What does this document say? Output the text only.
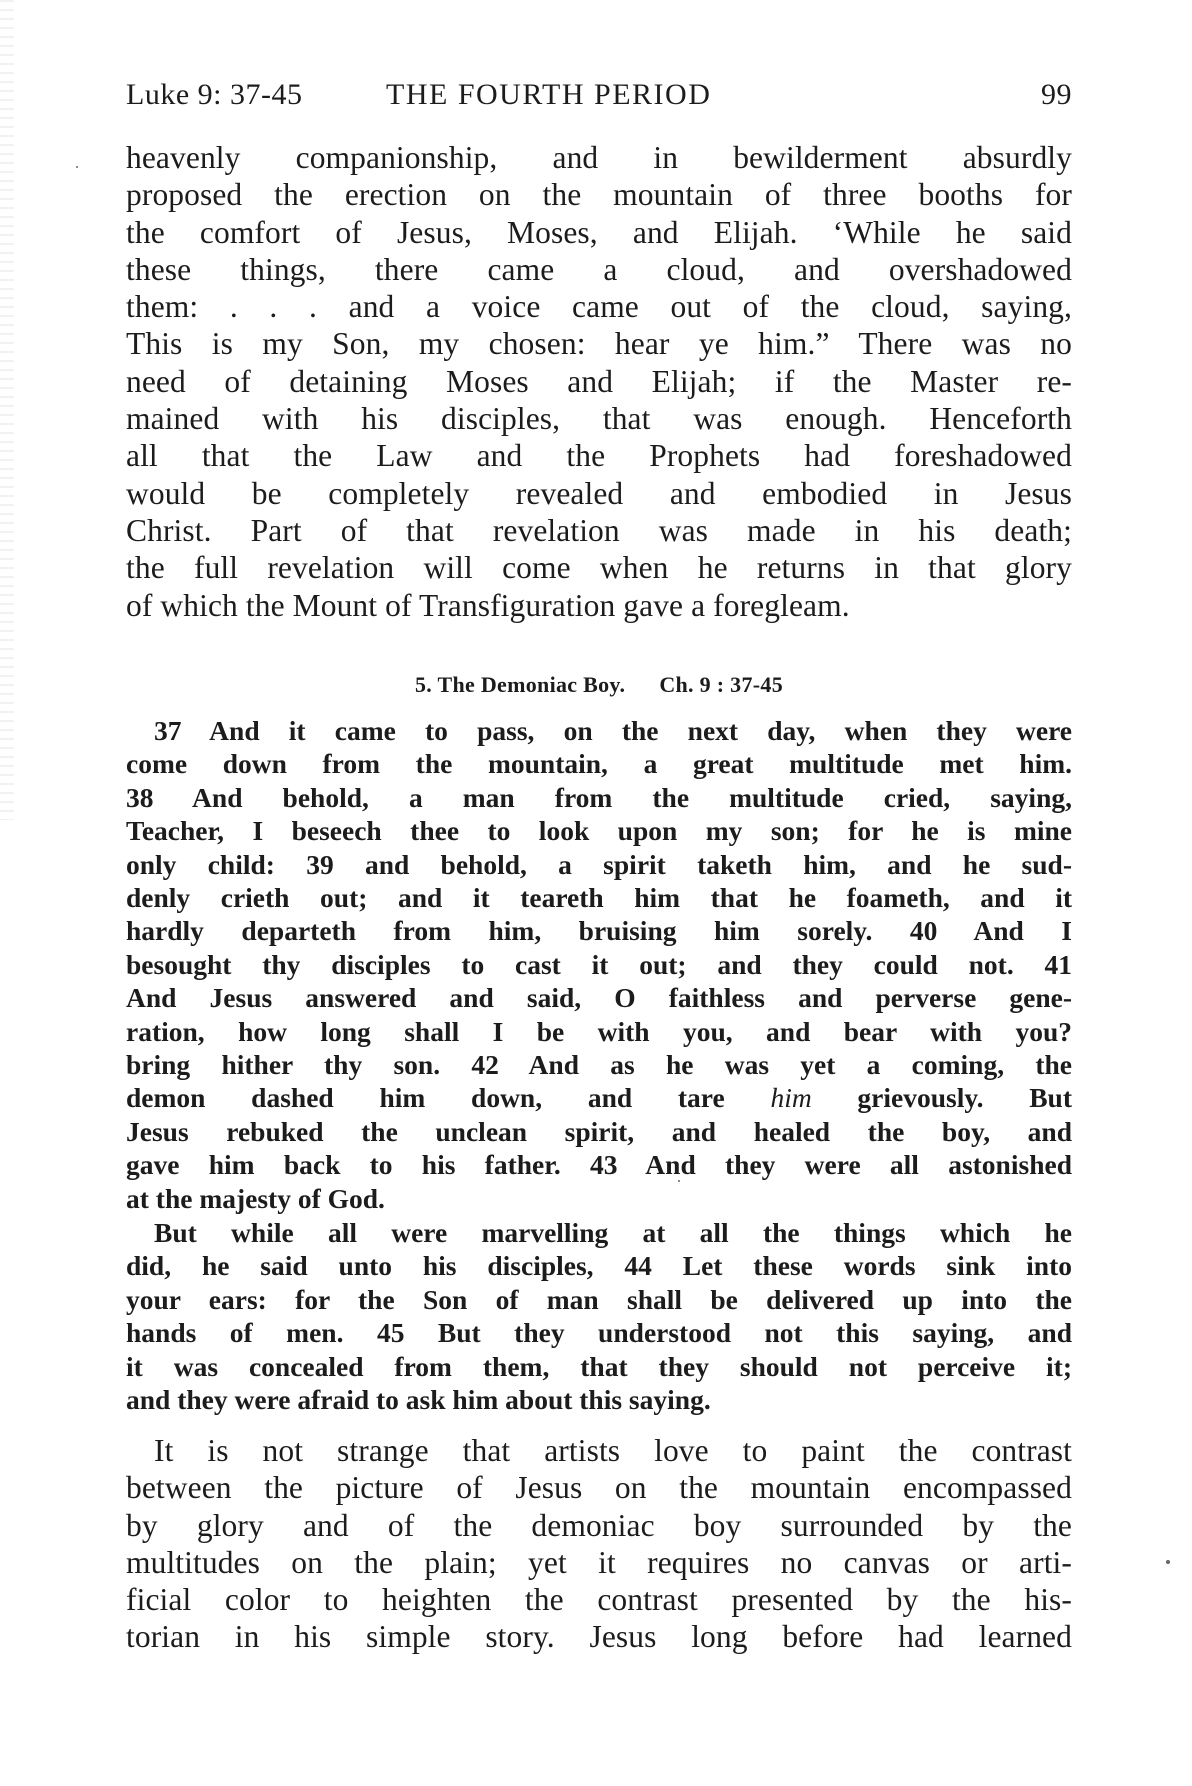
Luke 9: 37-45	THE FOURTH PERIOD	99
heavenly companionship, and in bewilderment absurdly
proposed the erection on the mountain of three booths for
the comfort of Jesus, Moses, and Elijah. ‘While he said
these things, there came a cloud, and overshadowed
them: . . . and a voice came out of the cloud, saying,
This is my Son, my chosen: hear ye him.” There was no
need of detaining Moses and Elijah; if the Master re-
mained with his disciples, that was enough. Henceforth
all that the Law and the Prophets had foreshadowed
would be completely revealed and embodied in Jesus
Christ. Part of that revelation was made in his death;
the full revelation will come when he returns in that glory
of which the Mount of Transfiguration gave a foregleam.
5. The Demoniac Boy. Ch. 9 : 37-45
37 And it came to pass, on the next day, when they were
come down from the mountain, a great multitude met him.
38 And behold, a man from the multitude cried, saying,
Teacher, I beseech thee to look upon my son; for he is mine
only child: 39 and behold, a spirit taketh him, and he sud-
denly crieth out; and it teareth him that he foameth, and it
hardly departeth from him, bruising him sorely. 40 And I
besought thy disciples to cast it out; and they could not. 41
And Jesus answered and said, O faithless and perverse gene-
ration, how long shall I be with you, and bear with you?
bring hither thy son. 42 And as he was yet a coming, the
demon dashed him down, and tare him grievously. But
Jesus rebuked the unclean spirit, and healed the boy, and
gave him back to his father. 43 And they were all astonished
at the majesty of God.
But while all were marvelling at all the things which he
did, he said unto his disciples, 44 Let these words sink into
your ears: for the Son of man shall be delivered up into the
hands of men. 45 But they understood not this saying, and
it was concealed from them, that they should not perceive it;
and they were afraid to ask him about this saying.
It is not strange that artists love to paint the contrast
between the picture of Jesus on the mountain encompassed
by glory and of the demoniac boy surrounded by the
multitudes on the plain; yet it requires no canvas or arti-
ficial color to heighten the contrast presented by the his-
torian in his simple story. Jesus long before had learned
